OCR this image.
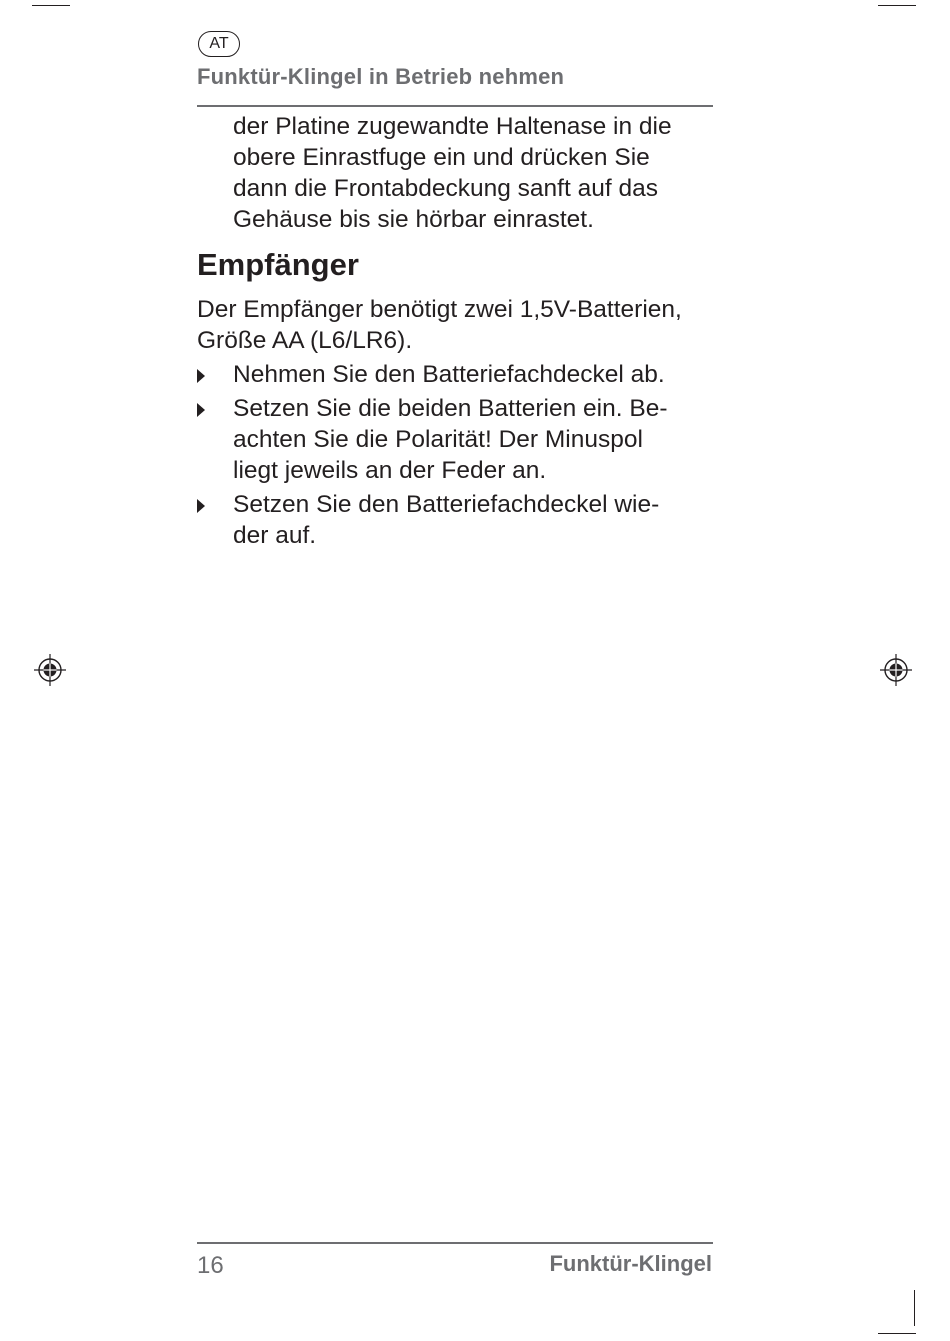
AT
Funktür-Klingel in Betrieb nehmen
der Platine zugewandte Haltenase in die
obere Einrastfuge ein und drücken Sie
dann die Frontabdeckung sanft auf das
Gehäuse bis sie hörbar einrastet.
Empfänger
Der Empfänger benötigt zwei 1,5V-Batterien,
Größe AA (L6/LR6).
Nehmen Sie den Batteriefachdeckel ab.
Setzen Sie die beiden Batterien ein. Be-
achten Sie die Polarität! Der Minuspol
liegt jeweils an der Feder an.
Setzen Sie den Batteriefachdeckel wie-
der auf.
16	Funktür-Klingel
